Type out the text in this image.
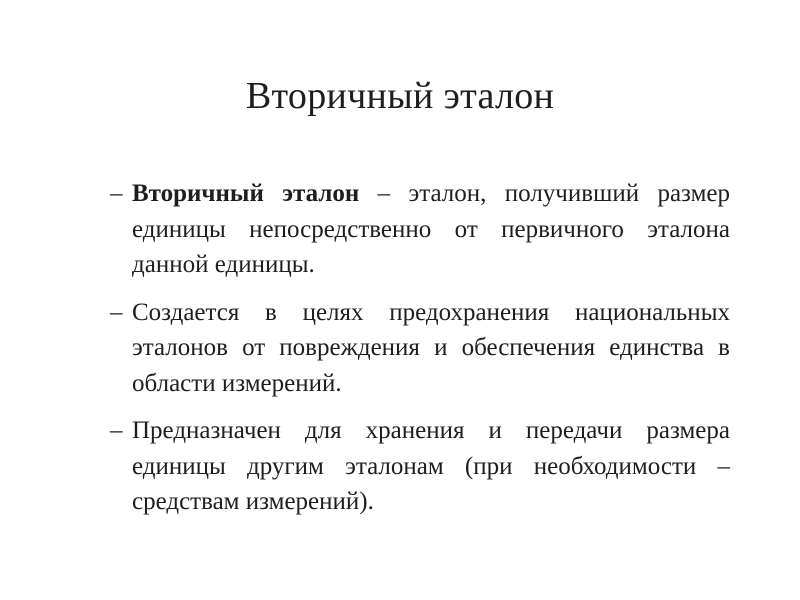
Вторичный эталон
– Вторичный эталон – эталон, получивший размер единицы непосредственно от первичного эталона данной единицы.
– Создается в целях предохранения национальных эталонов от повреждения и обеспечения единства в области измерений.
– Предназначен для хранения и передачи размера единицы другим эталонам (при необходимости – средствам измерений).
